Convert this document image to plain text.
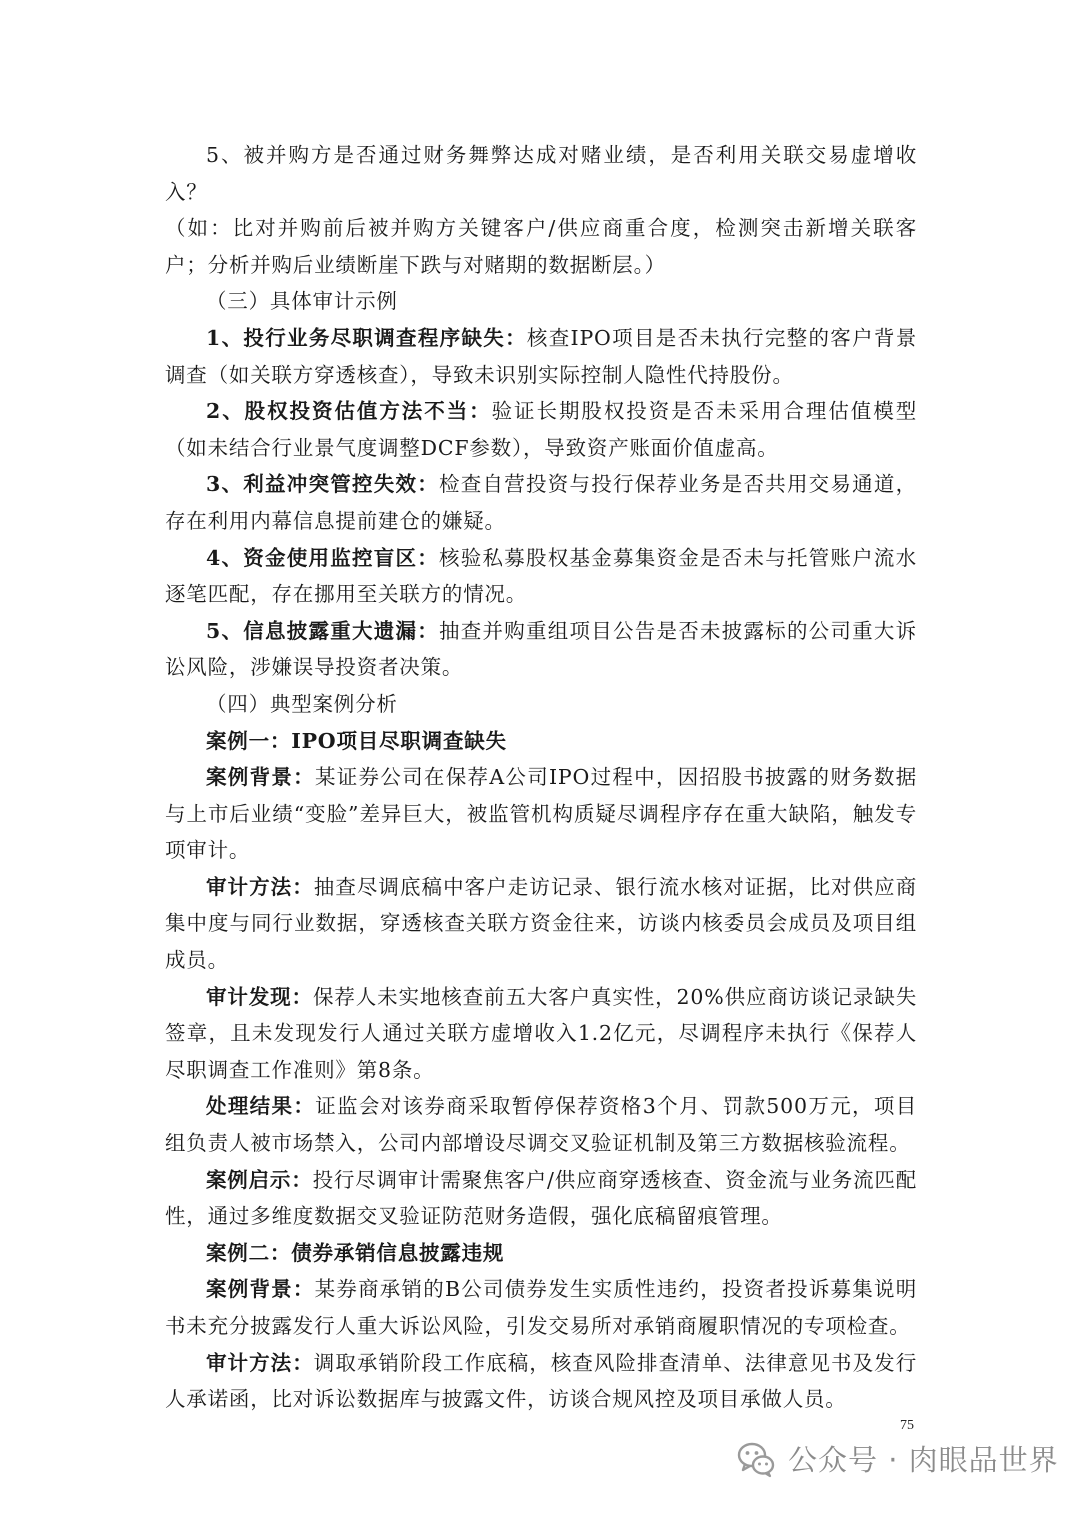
5、被并购方是否通过财务舞弊达成对赌业绩，是否利用关联交易虚增收入？

（如：比对并购前后被并购方关键客户/供应商重合度，检测突击新增关联客户；分析并购后业绩断崖下跌与对赌期的数据断层。）

（三）具体审计示例

1、投行业务尽职调查程序缺失：核查IPO项目是否未执行完整的客户背景调查（如关联方穿透核查），导致未识别实际控制人隐性代持股份。

2、股权投资估值方法不当：验证长期股权投资是否未采用合理估值模型（如未结合行业景气度调整DCF参数），导致资产账面价值虚高。

3、利益冲突管控失效：检查自营投资与投行保荐业务是否共用交易通道，存在利用内幕信息提前建仓的嫌疑。

4、资金使用监控盲区：核验私募股权基金募集资金是否未与托管账户流水逐笔匹配，存在挪用至关联方的情况。

5、信息披露重大遗漏：抽查并购重组项目公告是否未披露标的公司重大诉讼风险，涉嫌误导投资者决策。

（四）典型案例分析

案例一：IPO项目尽职调查缺失

案例背景：某证券公司在保荐A公司IPO过程中，因招股书披露的财务数据与上市后业绩“变脸”差异巨大，被监管机构质疑尽调程序存在重大缺陷，触发专项审计。

审计方法：抽查尽调底稿中客户走访记录、银行流水核对证据，比对供应商集中度与同行业数据，穿透核查关联方资金往来，访谈内核委员会成员及项目组成员。

审计发现：保荐人未实地核查前五大客户真实性，20%供应商访谈记录缺失签章，且未发现发行人通过关联方虚增收入1.2亿元，尽调程序未执行《保荐人尽职调查工作准则》第8条。

处理结果：证监会对该券商采取暂停保荐资格3个月、罚款500万元，项目组负责人被市场禁入，公司内部增设尽调交叉验证机制及第三方数据核验流程。

案例启示：投行尽调审计需聚焦客户/供应商穿透核查、资金流与业务流匹配性，通过多维度数据交叉验证防范财务造假，强化底稿留痕管理。

案例二：债券承销信息披露违规

案例背景：某券商承销的B公司债券发生实质性违约，投资者投诉募集说明书未充分披露发行人重大诉讼风险，引发交易所对承销商履职情况的专项检查。

审计方法：调取承销阶段工作底稿，核查风险排查清单、法律意见书及发行人承诺函，比对诉讼数据库与披露文件，访谈合规风控及项目承做人员。

75
公众号 · 肉眼品世界
